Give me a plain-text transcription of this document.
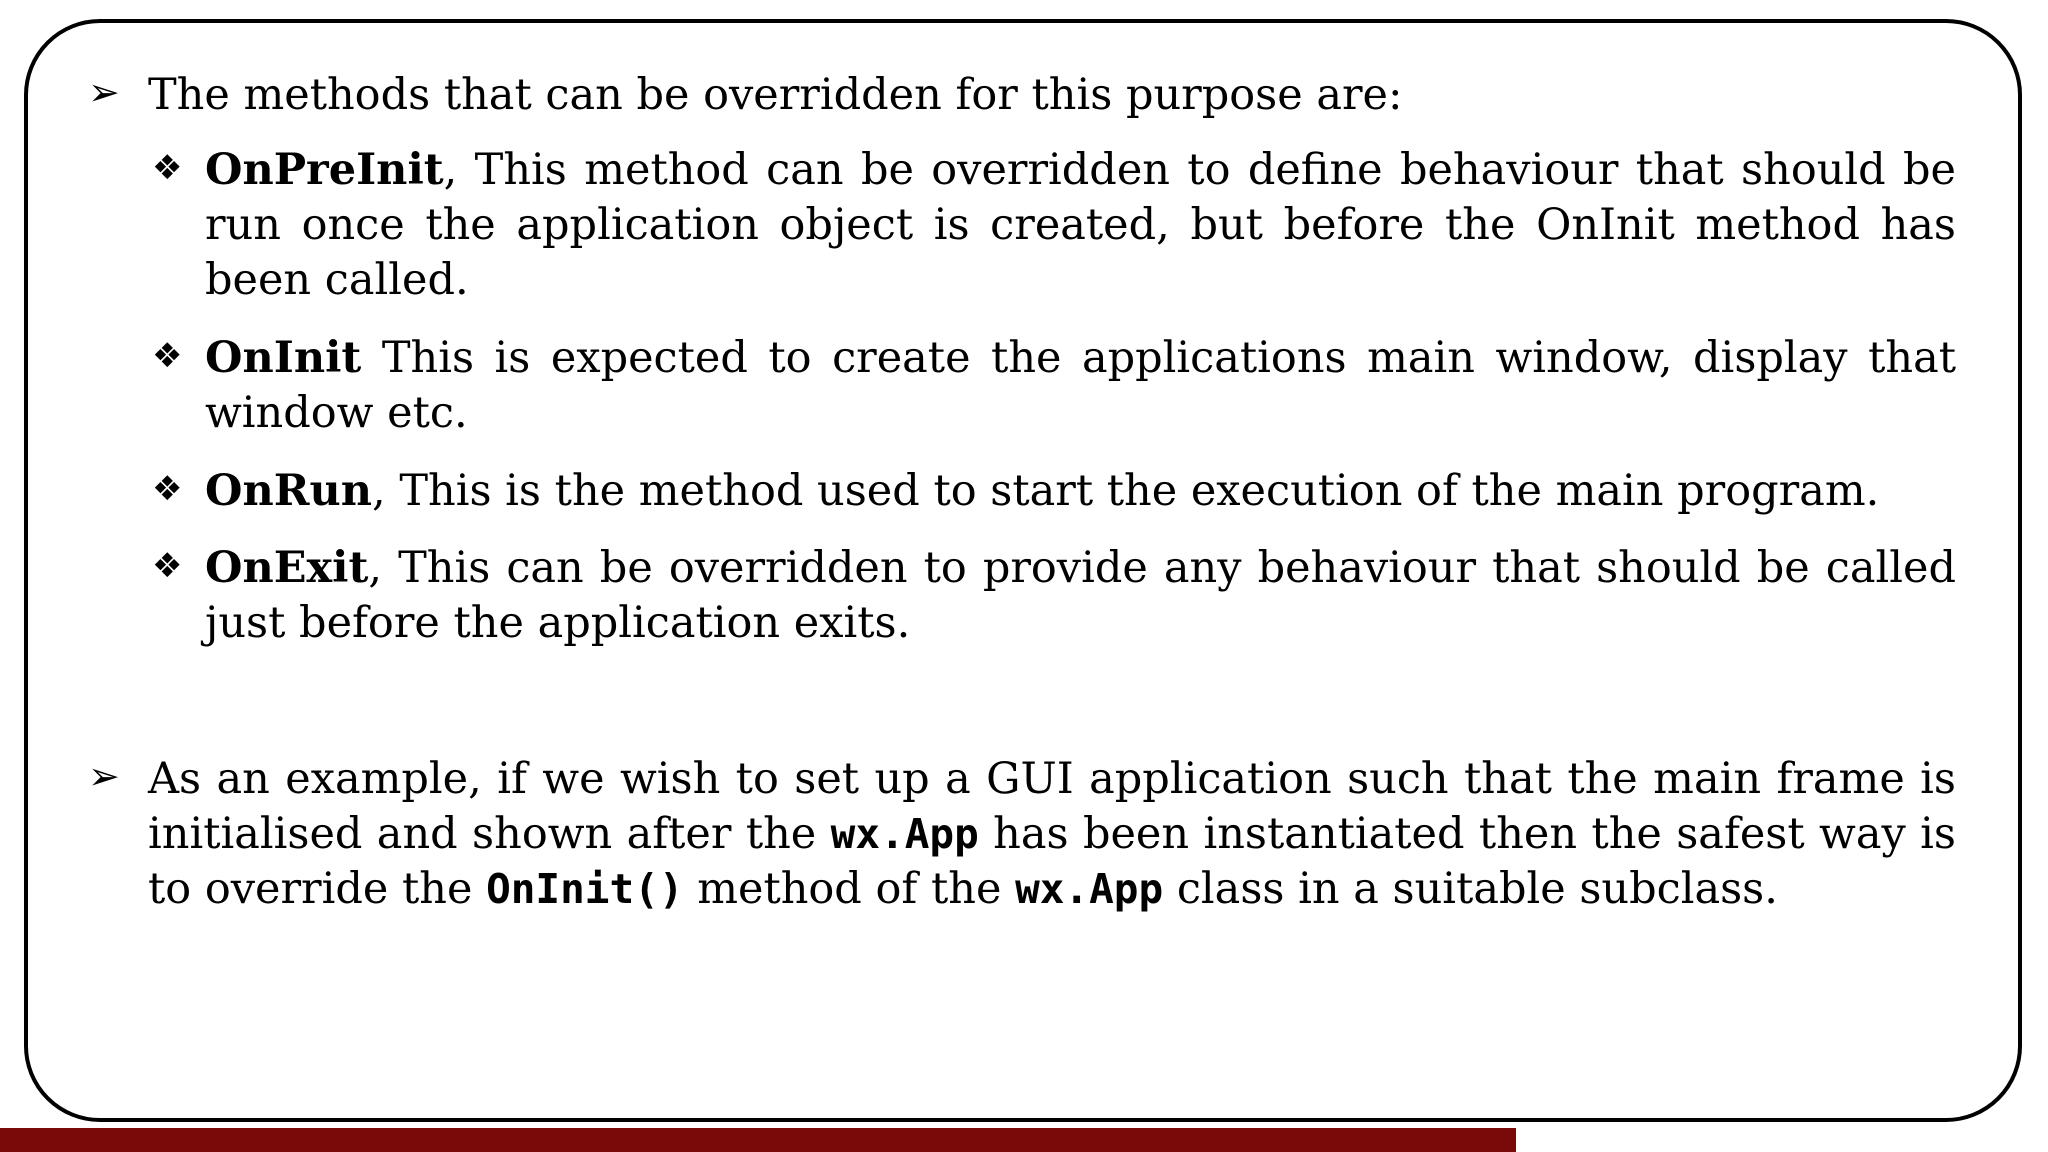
➢ The methods that can be overridden for this purpose are:
❖ OnPreInit, This method can be overridden to define behaviour that should be run once the application object is created, but before the OnInit method has been called.
❖ OnInit This is expected to create the applications main window, display that window etc.
❖ OnRun, This is the method used to start the execution of the main program.
❖ OnExit, This can be overridden to provide any behaviour that should be called just before the application exits.
➢ As an example, if we wish to set up a GUI application such that the main frame is initialised and shown after the wx.App has been instantiated then the safest way is to override the OnInit() method of the wx.App class in a suitable subclass.
